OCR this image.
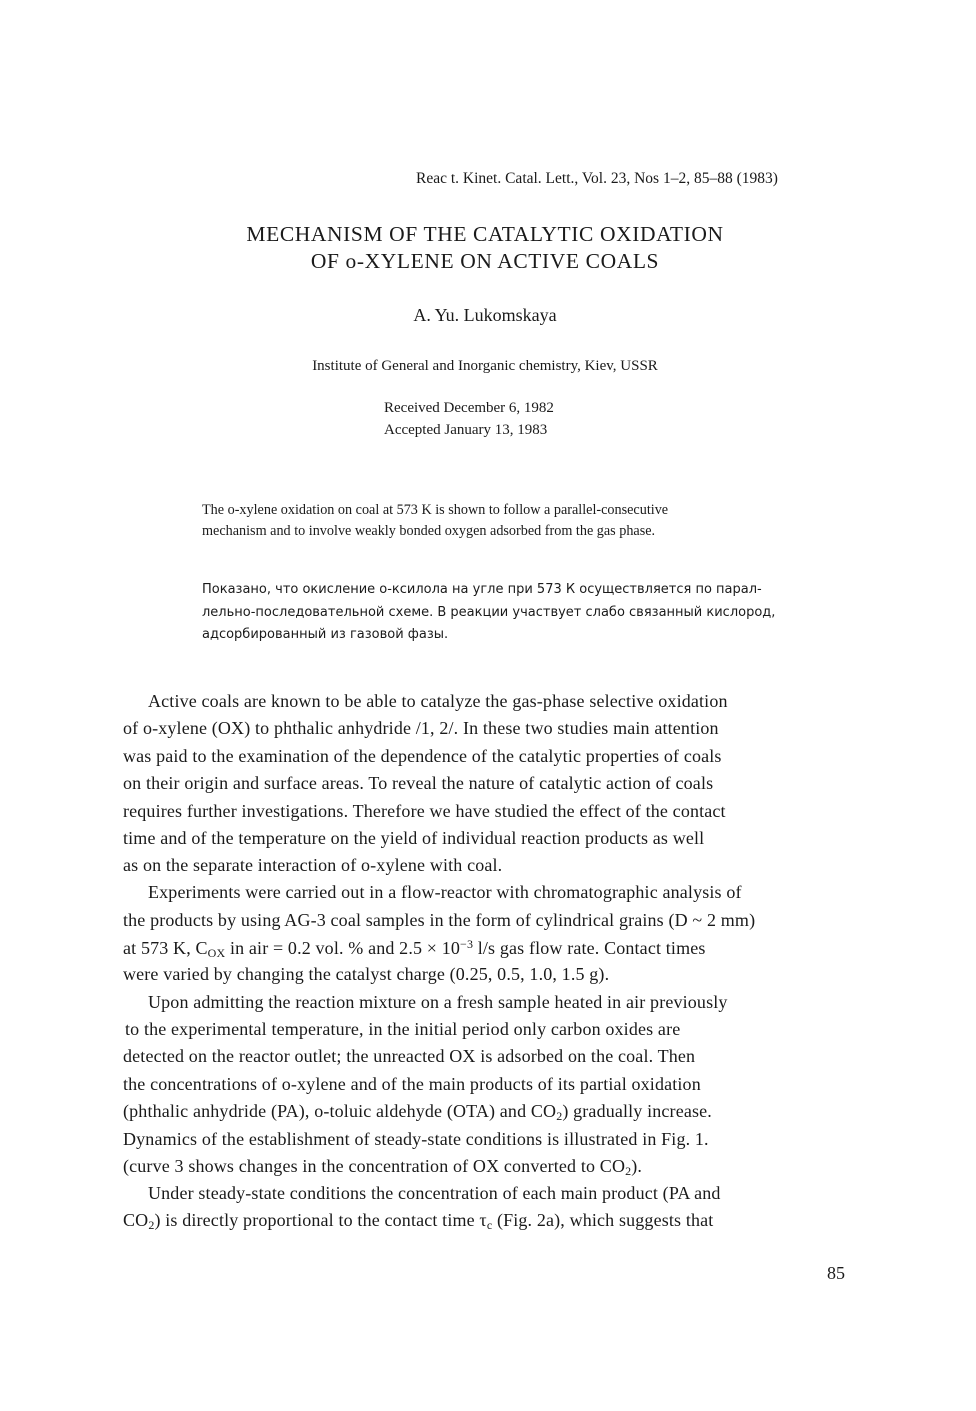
Reac t. Kinet. Catal. Lett., Vol. 23, Nos 1–2, 85–88 (1983)
MECHANISM OF THE CATALYTIC OXIDATION
OF o-XYLENE ON ACTIVE COALS
A. Yu. Lukomskaya
Institute of General and Inorganic chemistry, Kiev, USSR
Received December 6, 1982
Accepted January 13, 1983
The o-xylene oxidation on coal at 573 K is shown to follow a parallel-consecutive
mechanism and to involve weakly bonded oxygen adsorbed from the gas phase.
Показано, что окисление о-ксилола на угле при 573 К осуществляется по парал-
лельно-последовательной схеме. В реакции участвует слабо связанный кислород,
адсорбированный из газовой фазы.
Active coals are known to be able to catalyze the gas-phase selective oxidation
of o-xylene (OX) to phthalic anhydride /1, 2/. In these two studies main attention
was paid to the examination of the dependence of the catalytic properties of coals
on their origin and surface areas. To reveal the nature of catalytic action of coals
requires further investigations. Therefore we have studied the effect of the contact
time and of the temperature on the yield of individual reaction products as well
as on the separate interaction of o-xylene with coal.
Experiments were carried out in a flow-reactor with chromatographic analysis of
the products by using AG-3 coal samples in the form of cylindrical grains (D ~ 2 mm)
at 573 K, $C_{OX}$ in air = 0.2 vol. % and $2.5 \times 10^{-3}$ l/s gas flow rate. Contact times
were varied by changing the catalyst charge (0.25, 0.5, 1.0, 1.5 g).
Upon admitting the reaction mixture on a fresh sample heated in air previously
to the experimental temperature, in the initial period only carbon oxides are
detected on the reactor outlet; the unreacted OX is adsorbed on the coal. Then
the concentrations of o-xylene and of the main products of its partial oxidation
(phthalic anhydride (PA), o-toluic aldehyde (OTA) and $CO_2$) gradually increase.
Dynamics of the establishment of steady-state conditions is illustrated in Fig. 1.
(curve 3 shows changes in the concentration of OX converted to $CO_2$).
Under steady-state conditions the concentration of each main product (PA and
$CO_2$) is directly proportional to the contact time $\tau_c$ (Fig. 2a), which suggests that
85
